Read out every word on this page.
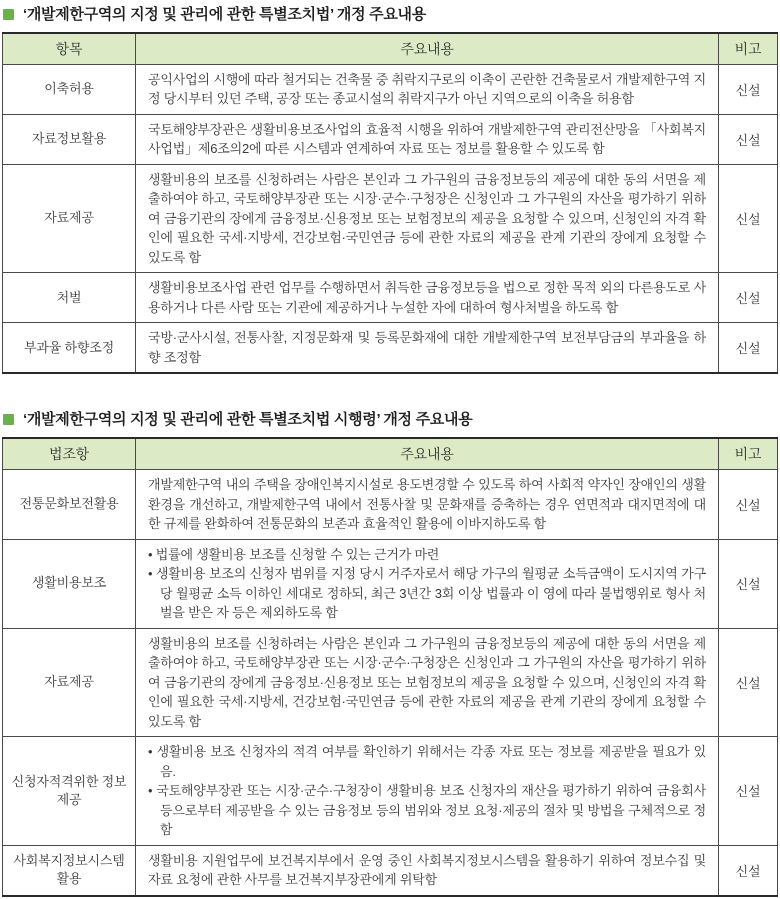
‘개발제한구역의 지정 및 관리에 관한 특별조치법’ 개정 주요내용
항목	주요내용	비고
이축허용	공익사업의 시행에 따라 철거되는 건축물 중 취락지구로의 이축이 곤란한 건축물로서 개발제한구역 지정 당시부터 있던 주택, 공장 또는 종교시설의 취락지구가 아닌 지역으로의 이축을 허용함	신설
자료정보활용	국토해양부장관은 생활비용보조사업의 효율적 시행을 위하여 개발제한구역 관리전산망을 「사회복지사업법」제6조의2에 따른 시스템과 연계하여 자료 또는 정보를 활용할 수 있도록 함	신설
자료제공	생활비용의 보조를 신청하려는 사람은 본인과 그 가구원의 금융정보등의 제공에 대한 동의 서면을 제출하여야 하고, 국토해양부장관 또는 시장·군수·구청장은 신청인과 그 가구원의 자산을 평가하기 위하여 금융기관의 장에게 금융정보·신용정보 또는 보험정보의 제공을 요청할 수 있으며, 신청인의 자격 확인에 필요한 국세·지방세, 건강보험·국민연금 등에 관한 자료의 제공을 관계 기관의 장에게 요청할 수 있도록 함	신설
처벌	생활비용보조사업 관련 업무를 수행하면서 취득한 금융정보등을 법으로 정한 목적 외의 다른용도로 사용하거나 다른 사람 또는 기관에 제공하거나 누설한 자에 대하여 형사처벌을 하도록 함	신설
부과율 하향조정	국방·군사시설, 전통사찰, 지정문화재 및 등록문화재에 대한 개발제한구역 보전부담금의 부과율을 하향 조정함	신설
‘개발제한구역의 지정 및 관리에 관한 특별조치법 시행령’ 개정 주요내용
법조항	주요내용	비고
전통문화보전활용	개발제한구역 내의 주택을 장애인복지시설로 용도변경할 수 있도록 하여 사회적 약자인 장애인의 생활환경을 개선하고, 개발제한구역 내에서 전통사찰 및 문화재를 증축하는 경우 연면적과 대지면적에 대한 규제를 완화하여 전통문화의 보존과 효율적인 활용에 이바지하도록 함	신설
생활비용보조	• 법률에 생활비용 보조를 신청할 수 있는 근거가 마련
• 생활비용 보조의 신청자 범위를 지정 당시 거주자로서 해당 가구의 월평균 소득금액이 도시지역 가구당 월평균 소득 이하인 세대로 정하되, 최근 3년간 3회 이상 법률과 이 영에 따라 불법행위로 형사 처벌을 받은 자 등은 제외하도록 함	신설
자료제공	생활비용의 보조를 신청하려는 사람은 본인과 그 가구원의 금융정보등의 제공에 대한 동의 서면을 제출하여야 하고, 국토해양부장관 또는 시장·군수·구청장은 신청인과 그 가구원의 자산을 평가하기 위하여 금융기관의 장에게 금융정보·신용정보 또는 보험정보의 제공을 요청할 수 있으며, 신청인의 자격 확인에 필요한 국세·지방세, 건강보험·국민연금 등에 관한 자료의 제공을 관계 기관의 장에게 요청할 수 있도록 함	신설
신청자적격위한 정보제공	• 생활비용 보조 신청자의 적격 여부를 확인하기 위해서는 각종 자료 또는 정보를 제공받을 필요가 있음.
• 국토해양부장관 또는 시장·군수·구청장이 생활비용 보조 신청자의 재산을 평가하기 위하여 금융회사 등으로부터 제공받을 수 있는 금융정보 등의 범위와 정보 요청·제공의 절차 및 방법을 구체적으로 정함	신설
사회복지정보시스템 활용	생활비용 지원업무에 보건복지부에서 운영 중인 사회복지정보시스템을 활용하기 위하여 정보수집 및 자료 요청에 관한 사무를 보건복지부장관에게 위탁함	신설
